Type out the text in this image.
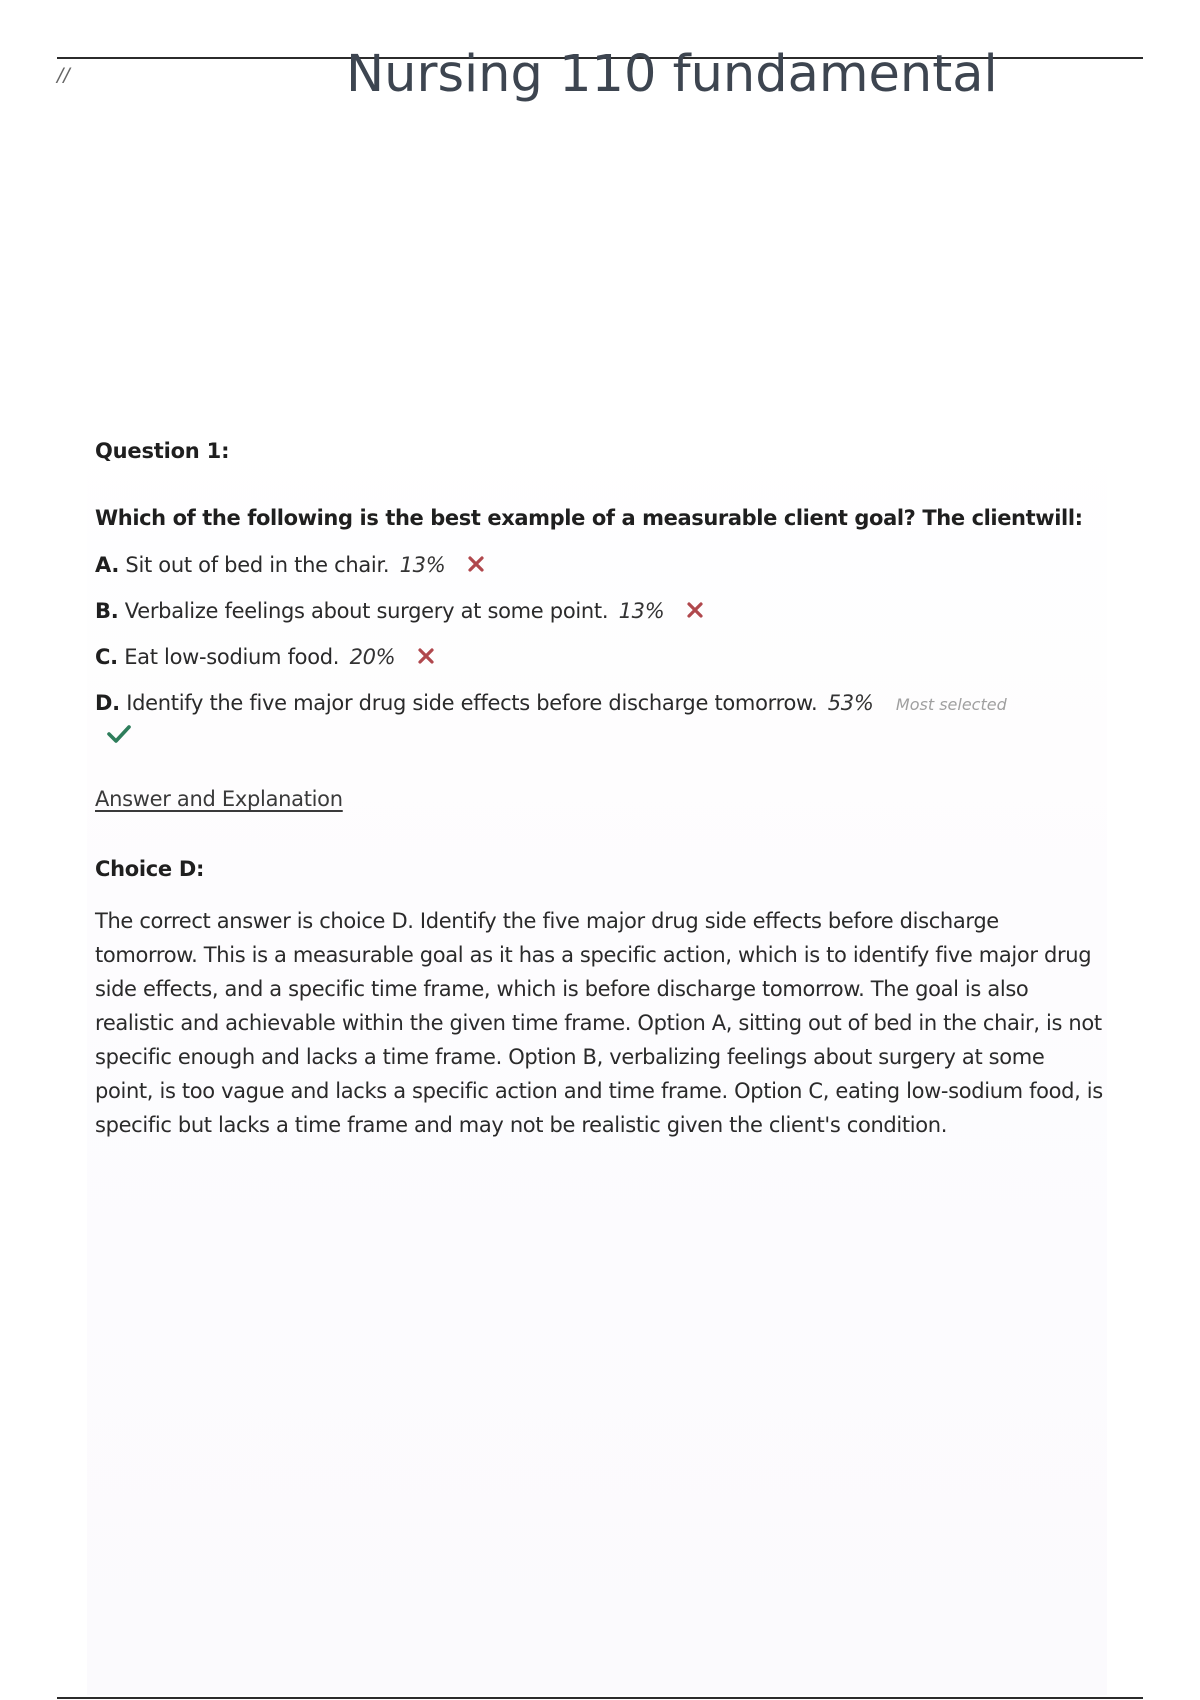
//	Nursing 110 fundamental
Question 1:
Which of the following is the best example of a measurable client goal? The clientwill:
A. Sit out of bed in the chair. 13%
B. Verbalize feelings about surgery at some point. 13%
C. Eat low-sodium food. 20%
D. Identify the five major drug side effects before discharge tomorrow. 53% Most selected
Answer and Explanation
Choice D:
The correct answer is choice D. Identify the five major drug side effects before discharge tomorrow. This is a measurable goal as it has a specific action, which is to identify five major drug side effects, and a specific time frame, which is before discharge tomorrow. The goal is also realistic and achievable within the given time frame. Option A, sitting out of bed in the chair, is not specific enough and lacks a time frame. Option B, verbalizing feelings about surgery at some point, is too vague and lacks a specific action and time frame. Option C, eating low-sodium food, is specific but lacks a time frame and may not be realistic given the client's condition.
